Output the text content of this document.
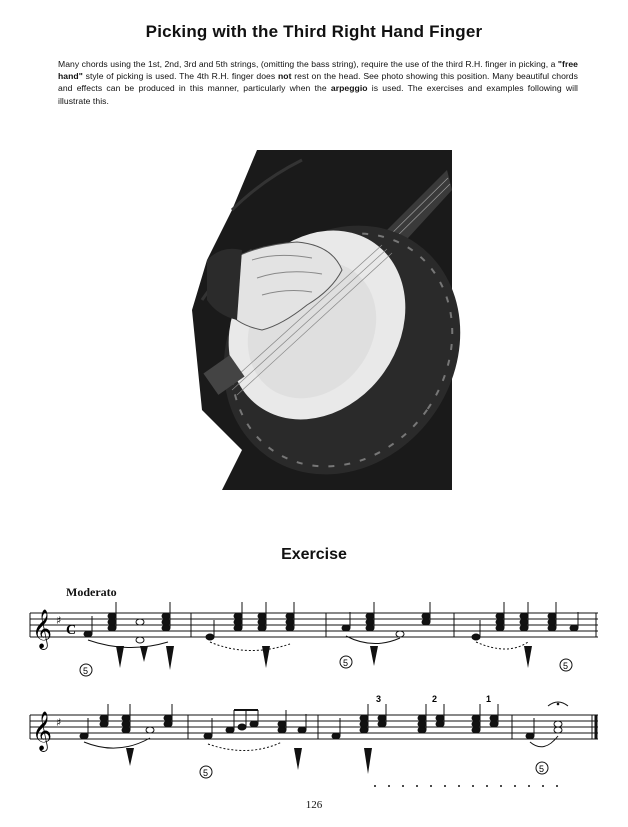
Picking with the Third Right Hand Finger
Many chords using the 1st, 2nd, 3rd and 5th strings, (omitting the bass string), require the use of the third R.H. finger in picking, a "free hand" style of picking is used. The 4th R.H. finger does not rest on the head. See photo showing this position. Many beautiful chords and effects can be produced in this manner, particularly when the arpeggio is used. The exercises and examples following will illustrate this.
Exercise
Moderato
𝄞 ♯
C
5
5	5
𝄞 ♯
3	2	1
5	5
126
